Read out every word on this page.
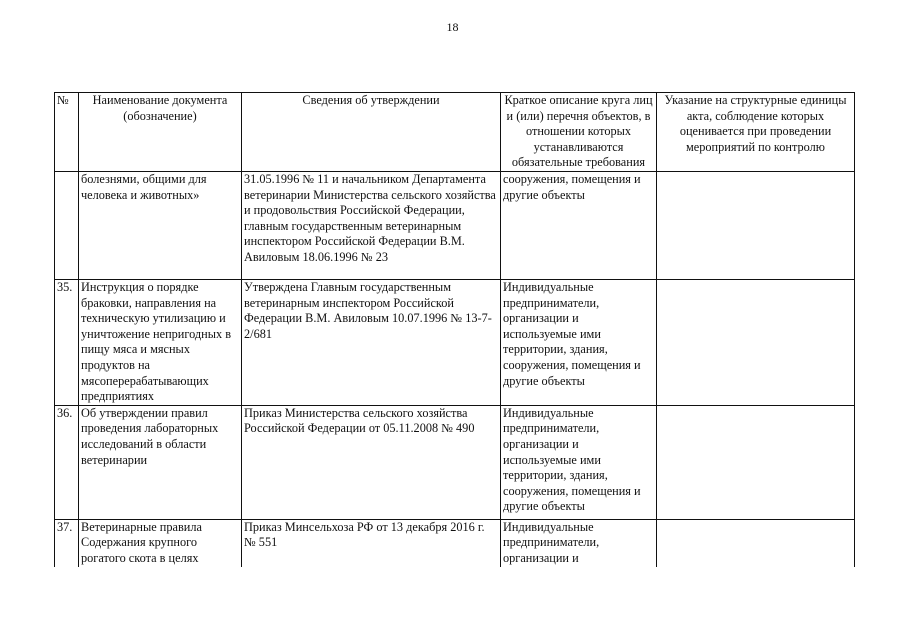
18
№	Наименование документа (обозначение)	Сведения об утверждении	Краткое описание круга лиц и (или) перечня объектов, в отношении которых устанавливаются обязательные требования	Указание на структурные единицы акта, соблюдение которых оценивается при проведении мероприятий по контролю
	болезнями, общими для человека и животных»	31.05.1996 № 11 и начальником Департамента ветеринарии Министерства сельского хозяйства и продовольствия Российской Федерации, главным государственным ветеринарным инспектором Российской Федерации В.М. Авиловым 18.06.1996 № 23	сооружения, помещения и другие объекты	
35.	Инструкция о порядке браковки, направления на техническую утилизацию и уничтожение непригодных в пищу мяса и мясных продуктов на мясоперерабатывающих предприятиях	Утверждена Главным государственным ветеринарным инспектором Российской Федерации В.М. Авиловым 10.07.1996 № 13-7-2/681	Индивидуальные предприниматели, организации и используемые ими территории, здания, сооружения, помещения и другие объекты	
36.	Об утверждении правил проведения лабораторных исследований в области ветеринарии	Приказ Министерства сельского хозяйства Российской Федерации от 05.11.2008 № 490	Индивидуальные предприниматели, организации и используемые ими территории, здания, сооружения, помещения и другие объекты	
37.	Ветеринарные правила Содержания крупного рогатого скота в целях	Приказ Минсельхоза РФ от 13 декабря 2016 г. № 551	Индивидуальные предприниматели, организации и	
